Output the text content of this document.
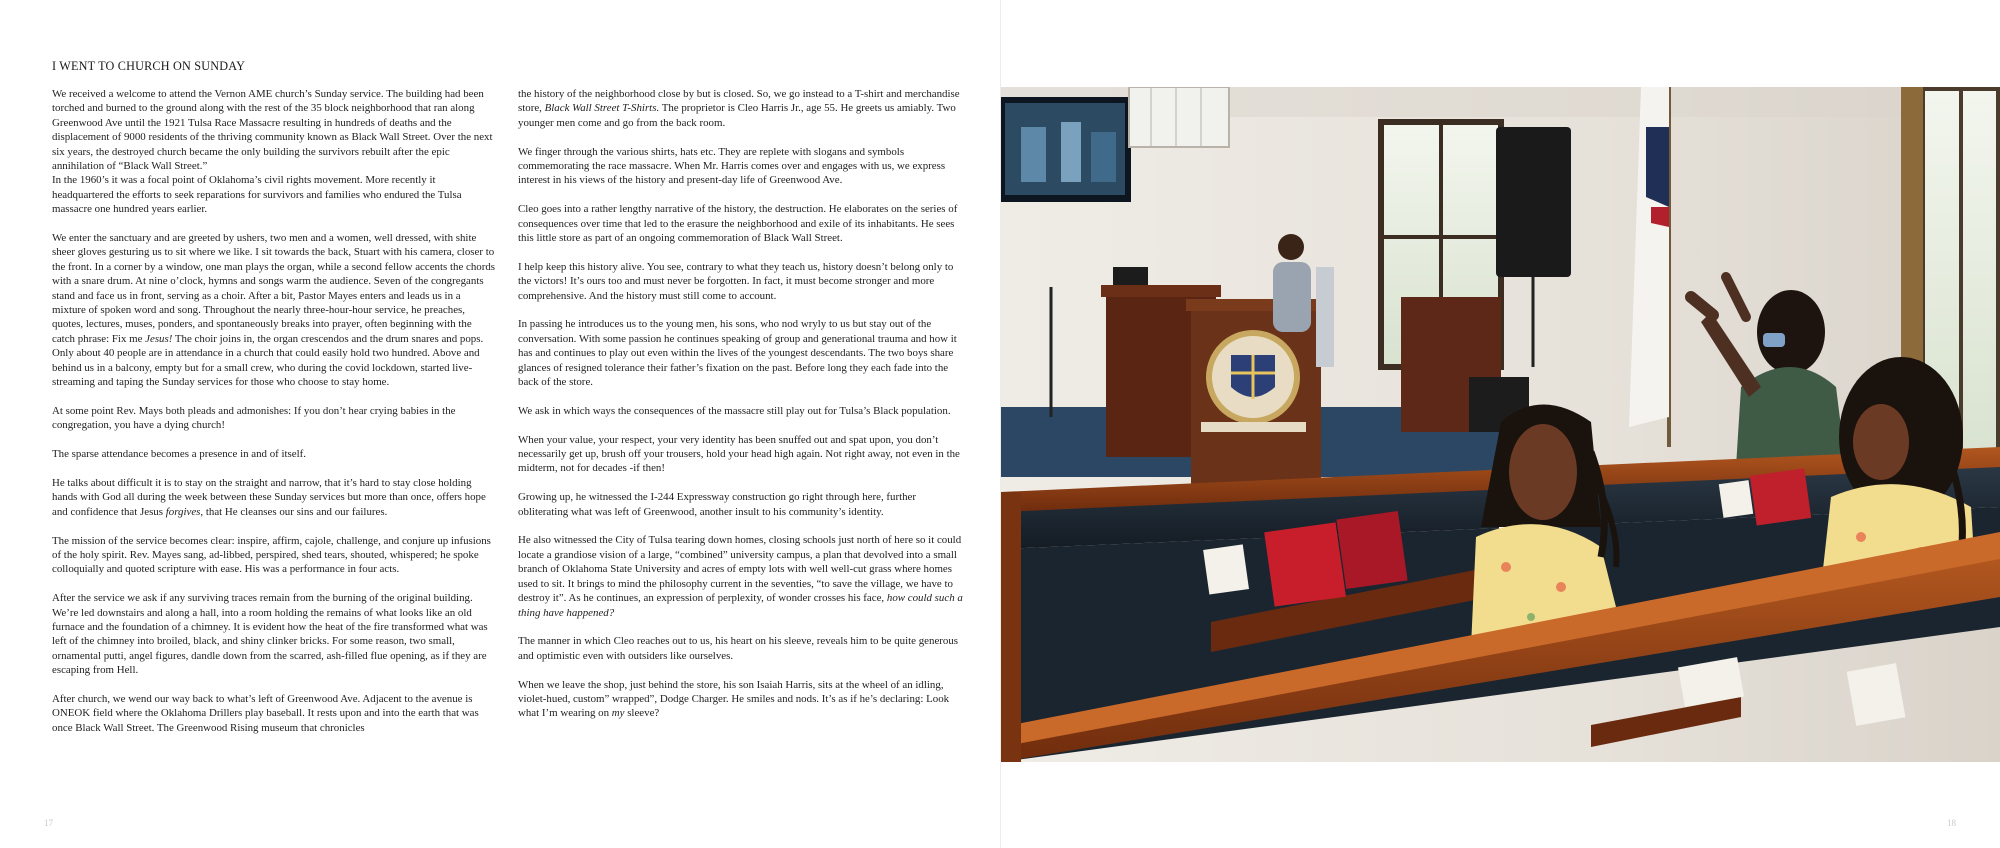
I WENT TO CHURCH ON SUNDAY

We received a welcome to attend the Vernon AME church’s Sunday service. The building had been torched and burned to the ground along with the rest of the 35 block neighborhood that ran along Greenwood Ave until the 1921 Tulsa Race Massacre resulting in hundreds of deaths and the displacement of 9000 residents of the thriving community known as Black Wall Street. Over the next six years, the destroyed church became the only building the survivors rebuilt after the epic annihilation of “Black Wall Street.”

In the 1960’s it was a focal point of Oklahoma’s civil rights movement. More recently it headquartered the efforts to seek reparations for survivors and families who endured the Tulsa massacre one hundred years earlier.

We enter the sanctuary and are greeted by ushers, two men and a women, well dressed, with shite sheer gloves gesturing us to sit where we like. I sit towards the back, Stuart with his camera, closer to the front. In a corner by a window, one man plays the organ, while a second fellow accents the chords with a snare drum. At nine o’clock, hymns and songs warm the audience. Seven of the congregants stand and face us in front, serving as a choir. After a bit, Pastor Mayes enters and leads us in a mixture of spoken word and song. Throughout the nearly three-hour-hour service, he preaches, quotes, lectures, muses, ponders, and spontaneously breaks into prayer, often beginning with the catch phrase: Fix me Jesus! The choir joins in, the organ crescendos and the drum snares and pops. Only about 40 people are in attendance in a church that could easily hold two hundred. Above and behind us in a balcony, empty but for a small crew, who during the covid lockdown, started live-streaming and taping the Sunday services for those who choose to stay home.

At some point Rev. Mays both pleads and admonishes: If you don’t hear crying babies in the congregation, you have a dying church!

The sparse attendance becomes a presence in and of itself.

He talks about difficult it is to stay on the straight and narrow, that it’s hard to stay close holding hands with God all during the week between these Sunday services but more than once, offers hope and confidence that Jesus forgives, that He cleanses our sins and our failures.

The mission of the service becomes clear: inspire, affirm, cajole, challenge, and conjure up infusions of the holy spirit. Rev. Mayes sang, ad-libbed, perspired, shed tears, shouted, whispered; he spoke colloquially and quoted scripture with ease. His was a performance in four acts.

After the service we ask if any surviving traces remain from the burning of the original building. We’re led downstairs and along a hall, into a room holding the remains of what looks like an old furnace and the foundation of a chimney. It is evident how the heat of the fire transformed what was left of the chimney into broiled, black, and shiny clinker bricks. For some reason, two small, ornamental putti, angel figures, dandle down from the scarred, ash-filled flue opening, as if they are escaping from Hell.

After church, we wend our way back to what’s left of Greenwood Ave. Adjacent to the avenue is ONEOK field where the Oklahoma Drillers play baseball. It rests upon and into the earth that was once Black Wall Street. The Greenwood Rising museum that chronicles

the history of the neighborhood close by but is closed. So, we go instead to a T-shirt and merchandise store, Black Wall Street T-Shirts. The proprietor is Cleo Harris Jr., age 55. He greets us amiably. Two younger men come and go from the back room.

We finger through the various shirts, hats etc. They are replete with slogans and symbols commemorating the race massacre. When Mr. Harris comes over and engages with us, we express interest in his views of the history and present-day life of Greenwood Ave.

Cleo goes into a rather lengthy narrative of the history, the destruction. He elaborates on the series of consequences over time that led to the erasure the neighborhood and exile of its inhabitants. He sees this little store as part of an ongoing commemoration of Black Wall Street.

I help keep this history alive. You see, contrary to what they teach us, history doesn’t belong only to the victors! It’s ours too and must never be forgotten. In fact, it must become stronger and more comprehensive. And the history must still come to account.

In passing he introduces us to the young men, his sons, who nod wryly to us but stay out of the conversation. With some passion he continues speaking of group and generational trauma and how it has and continues to play out even within the lives of the youngest descendants. The two boys share glances of resigned tolerance their father’s fixation on the past. Before long they each fade into the back of the store.

We ask in which ways the consequences of the massacre still play out for Tulsa’s Black population.

When your value, your respect, your very identity has been snuffed out and spat upon, you don’t necessarily get up, brush off your trousers, hold your head high again. Not right away, not even in the midterm, not for decades -if then!

Growing up, he witnessed the I-244 Expressway construction go right through here, further obliterating what was left of Greenwood, another insult to his community’s identity.

He also witnessed the City of Tulsa tearing down homes, closing schools just north of here so it could locate a grandiose vision of a large, “combined” university campus, a plan that devolved into a small branch of Oklahoma State University and acres of empty lots with well well-cut grass where homes used to sit. It brings to mind the philosophy current in the seventies, “to save the village, we have to destroy it”. As he continues, an expression of perplexity, of wonder crosses his face, how could such a thing have happened?

The manner in which Cleo reaches out to us, his heart on his sleeve, reveals him to be quite generous and optimistic even with outsiders like ourselves.

When we leave the shop, just behind the store, his son Isaiah Harris, sits at the wheel of an idling, violet-hued, custom” wrapped”, Dodge Charger. He smiles and nods. It’s as if he’s declaring: Look what I’m wearing on my sleeve?

17	18
